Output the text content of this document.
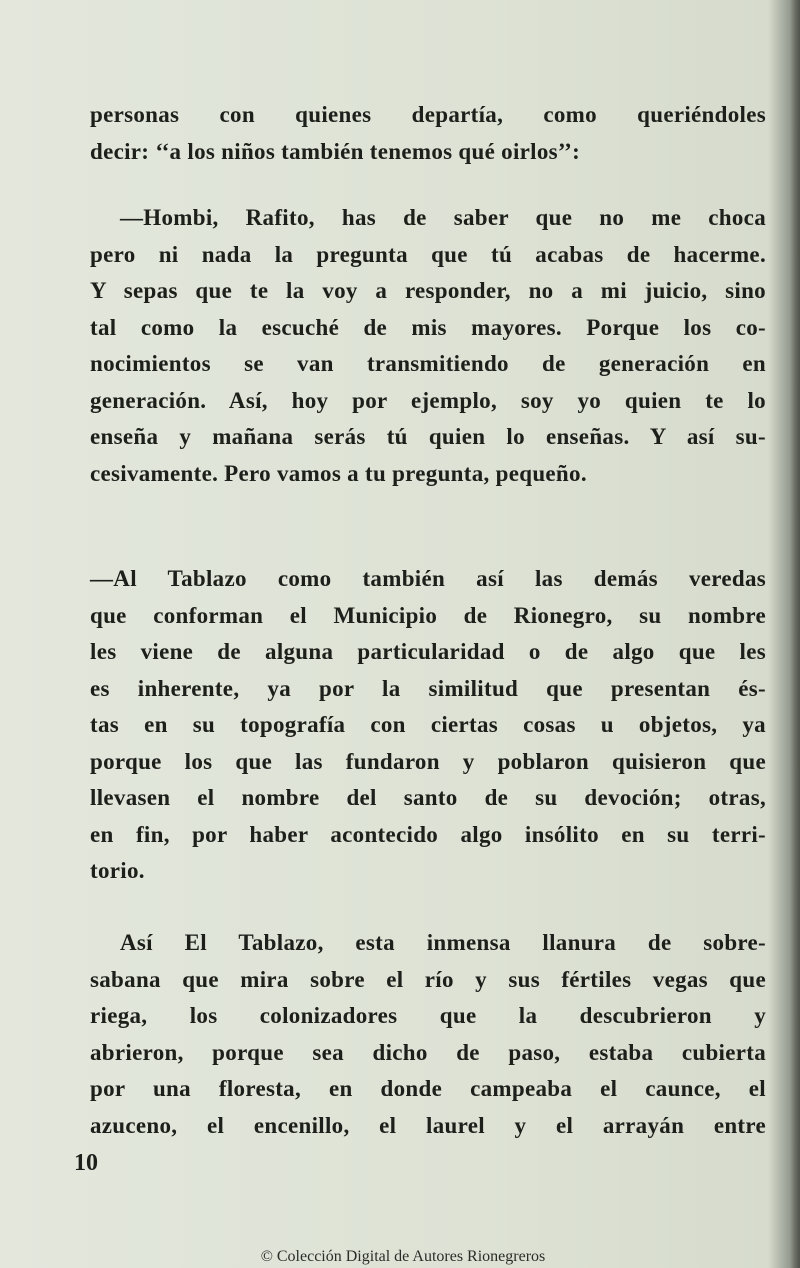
personas con quienes departía, como queriéndoles
decir: ‘‘a los niños también tenemos qué oirlos’’:
—Hombi, Rafito, has de saber que no me choca
pero ni nada la pregunta que tú acabas de hacerme.
Y sepas que te la voy a responder, no a mi juicio, sino
tal como la escuché de mis mayores. Porque los co-
nocimientos se van transmitiendo de generación en
generación. Así, hoy por ejemplo, soy yo quien te lo
enseña y mañana serás tú quien lo enseñas. Y así su-
cesivamente. Pero vamos a tu pregunta, pequeño.
—Al Tablazo como también así las demás veredas
que conforman el Municipio de Rionegro, su nombre
les viene de alguna particularidad o de algo que les
es inherente, ya por la similitud que presentan és-
tas en su topografía con ciertas cosas u objetos, ya
porque los que las fundaron y poblaron quisieron que
llevasen el nombre del santo de su devoción; otras,
en fin, por haber acontecido algo insólito en su terri-
torio.
Así El Tablazo, esta inmensa llanura de sobre-
sabana que mira sobre el río y sus fértiles vegas que
riega, los colonizadores que la descubrieron y
abrieron, porque sea dicho de paso, estaba cubierta
por una floresta, en donde campeaba el caunce, el
azuceno, el encenillo, el laurel y el arrayán entre
10
© Colección Digital de Autores Rionegreros
